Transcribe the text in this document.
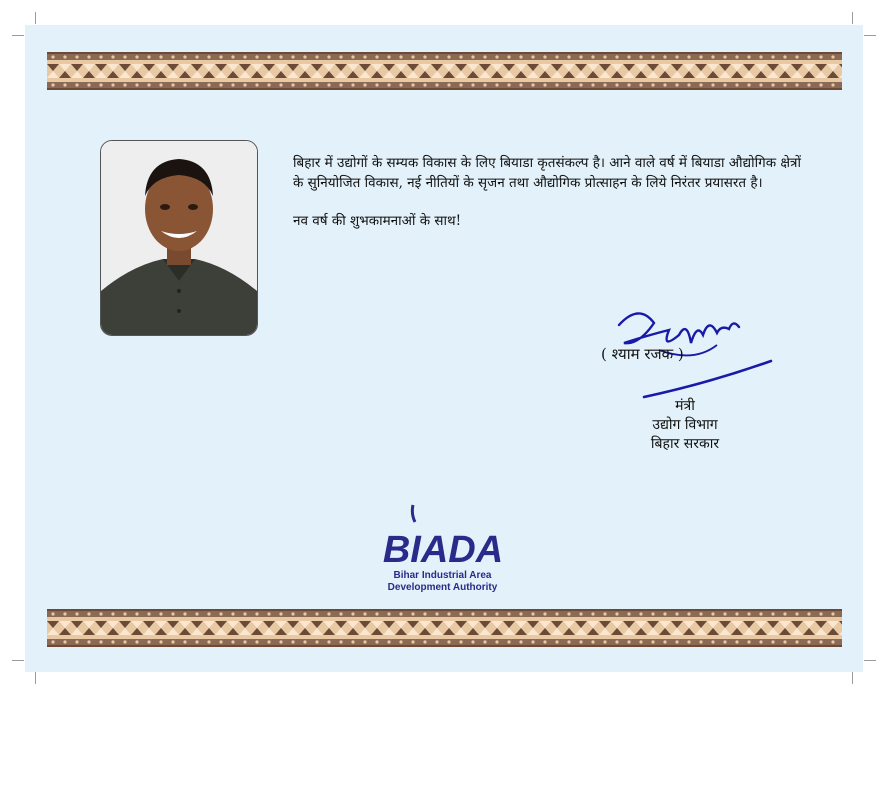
बिहार में उद्योगों के सम्यक विकास के लिए बियाडा कृतसंकल्प है। आने वाले वर्ष में बियाडा औद्योगिक क्षेत्रों के सुनियोजित विकास, नई नीतियों के सृजन तथा औद्योगिक प्रोत्साहन के लिये निरंतर प्रयासरत है।

नव वर्ष की शुभकामनाओं के साथ!

( श्याम रजक )
मंत्री
उद्योग विभाग
बिहार सरकार
BIADA
Bihar Industrial Area
Development Authority
